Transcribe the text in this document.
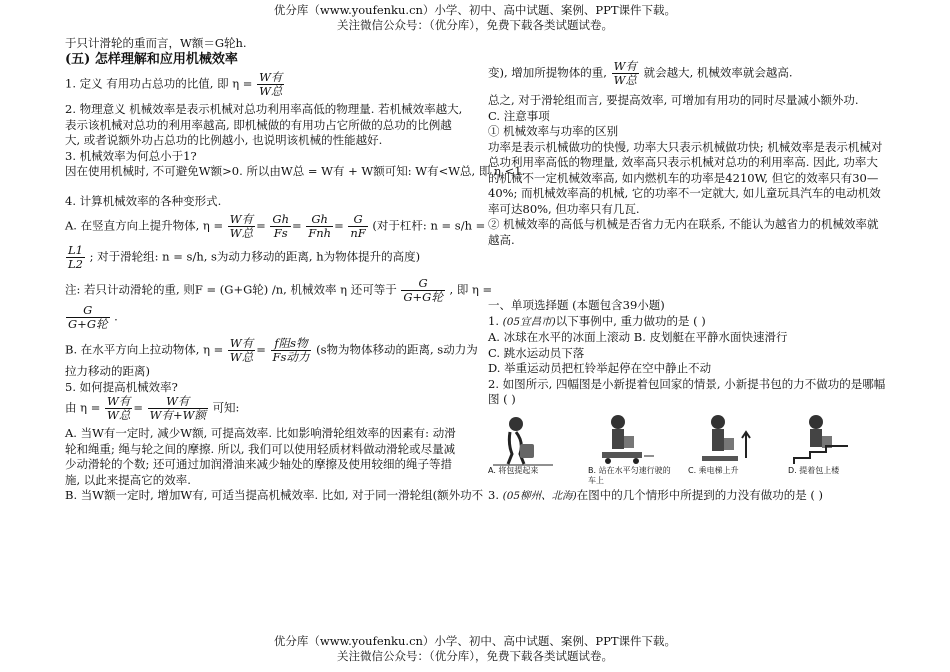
优分库（www.youfenku.cn）小学、初中、高中试题、案例、PPT课件下载。
关注微信公众号：（优分库），免费下载各类试题试卷。

于只计滑轮的重而言，W额＝G轮h.

(五) 怎样理解和应用机械效率

1. 定义 有用功占总功的比值, 即 $\eta = \frac{\text{W有}}{\text{W总}}$

2. 物理意义 机械效率是表示机械对总功利用率高低的物理量. 若机械效率越大, 表示该机械对总功的利用率越高, 即机械做的有用功占它所做的总功的比例越大, 或者说额外功占总功的比例越小, 也说明该机械的性能越好.

3. 机械效率为何总小于1?

因在使用机械时, 不可避免W额>0. 所以由W总 = W有 + W额可知: W有<W总, 即 η <1.

4. 计算机械效率的各种变形式.

A. 在竖直方向上提升物体, $\eta = \frac{\text{W有}}{\text{W总}} = \frac{Gh}{Fs} = \frac{Gh}{\text{Fnh}} = \frac{G}{nF}$ (对于杠杆: n = s/h =

$\frac{L1}{L2}$ ; 对于滑轮组: n = s/h, s为动力移动的距离, h为物体提升的高度)

注: 若只计动滑轮的重, 则F = (G+G轮) /n, 机械效率 η 还可等于 $\frac{G}{\text{G+G轮}}$ , 即 η =

$\frac{G}{\text{G+G轮}}$ .

B. 在水平方向上拉动物体, $\eta = \frac{\text{W有}}{\text{W总}} = \frac{\text{f阻s物}}{\text{Fs动力}} (s$物为物体移动的距离, s动力为

拉力移动的距离)

5. 如何提高机械效率?

由 $\eta = \frac{\text{W有}}{\text{W总}} = \frac{\text{W有}}{\text{W有+W额}}$ 可知:

A. 当W有一定时, 减少W额, 可提高效率. 比如影响滑轮组效率的因素有: 动滑轮和绳重; 绳与轮之间的摩擦. 所以, 我们可以使用轻质材料做动滑轮或尽量减少动滑轮的个数; 还可通过加润滑油来减少轴处的摩擦及使用较细的绳子等措施, 以此来提高它的效率.

B. 当W额一定时, 增加W有, 可适当提高机械效率. 比如, 对于同一滑轮组(额外功不

变), 增加所提物体的重, $\frac{\text{W有}}{\text{W总}}$ 就会越大, 机械效率就会越高.

总之, 对于滑轮组而言, 要提高效率, 可增加有用功的同时尽量减小额外功.

C. 注意事项

① 机械效率与功率的区别

功率是表示机械做功的快慢, 功率大只表示机械做功快; 机械效率是表示机械对总功利用率高低的物理量, 效率高只表示机械对总功的利用率高. 因此, 功率大的机械不一定机械效率高, 如内燃机车的功率是4210W, 但它的效率只有30—40%; 而机械效率高的机械, 它的功率不一定就大, 如儿童玩具汽车的电动机效率可达80%, 但功率只有几瓦.

② 机械效率的高低与机械是否省力无内在联系, 不能认为越省力的机械效率就越高.

一、单项选择题 (本题包含39小题)

1. (05宜昌市)以下事例中, 重力做功的是 ( )

A. 冰球在水平的冰面上滚动 B. 皮划艇在平静水面快速滑行

C. 跳水运动员下落

D. 举重运动员把杠铃举起停在空中静止不动

2. 如图所示, 四幅图是小新提着包回家的情景, 小新提书包的力不做功的是哪幅图 ( )

A. 将包提起来	B. 站在水平匀速行驶的车上
C. 乘电梯上升	D. 提着包上楼

3. (05柳州、北海)在图中的几个情形中所提到的力没有做功的是 ( )

优分库（www.youfenku.cn）小学、初中、高中试题、案例、PPT课件下载。
关注微信公众号：（优分库），免费下载各类试题试卷。
